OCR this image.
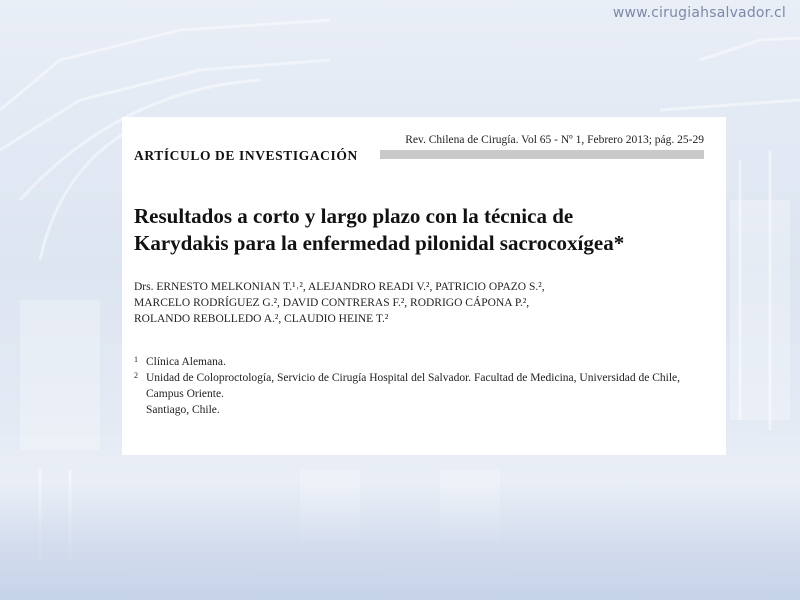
www.cirugiahsalvador.cl
Rev. Chilena de Cirugía. Vol 65 - Nº 1, Febrero 2013; pág. 25-29
ARTÍCULO DE INVESTIGACIÓN
Resultados a corto y largo plazo con la técnica de
Karydakis para la enfermedad pilonidal sacrocoxígea*

Drs. ERNESTO MELKONIAN T.¹˒², ALEJANDRO READI V.², PATRICIO OPAZO S.²,

MARCELO RODRÍGUEZ G.², DAVID CONTRERAS F.², RODRIGO CÁPONA P.²,

ROLANDO REBOLLEDO A.², CLAUDIO HEINE T.²

1 Clínica Alemana.
2 Unidad de Coloproctología, Servicio de Cirugía Hospital del Salvador. Facultad de Medicina, Universidad de Chile,
Campus Oriente.
Santiago, Chile.
